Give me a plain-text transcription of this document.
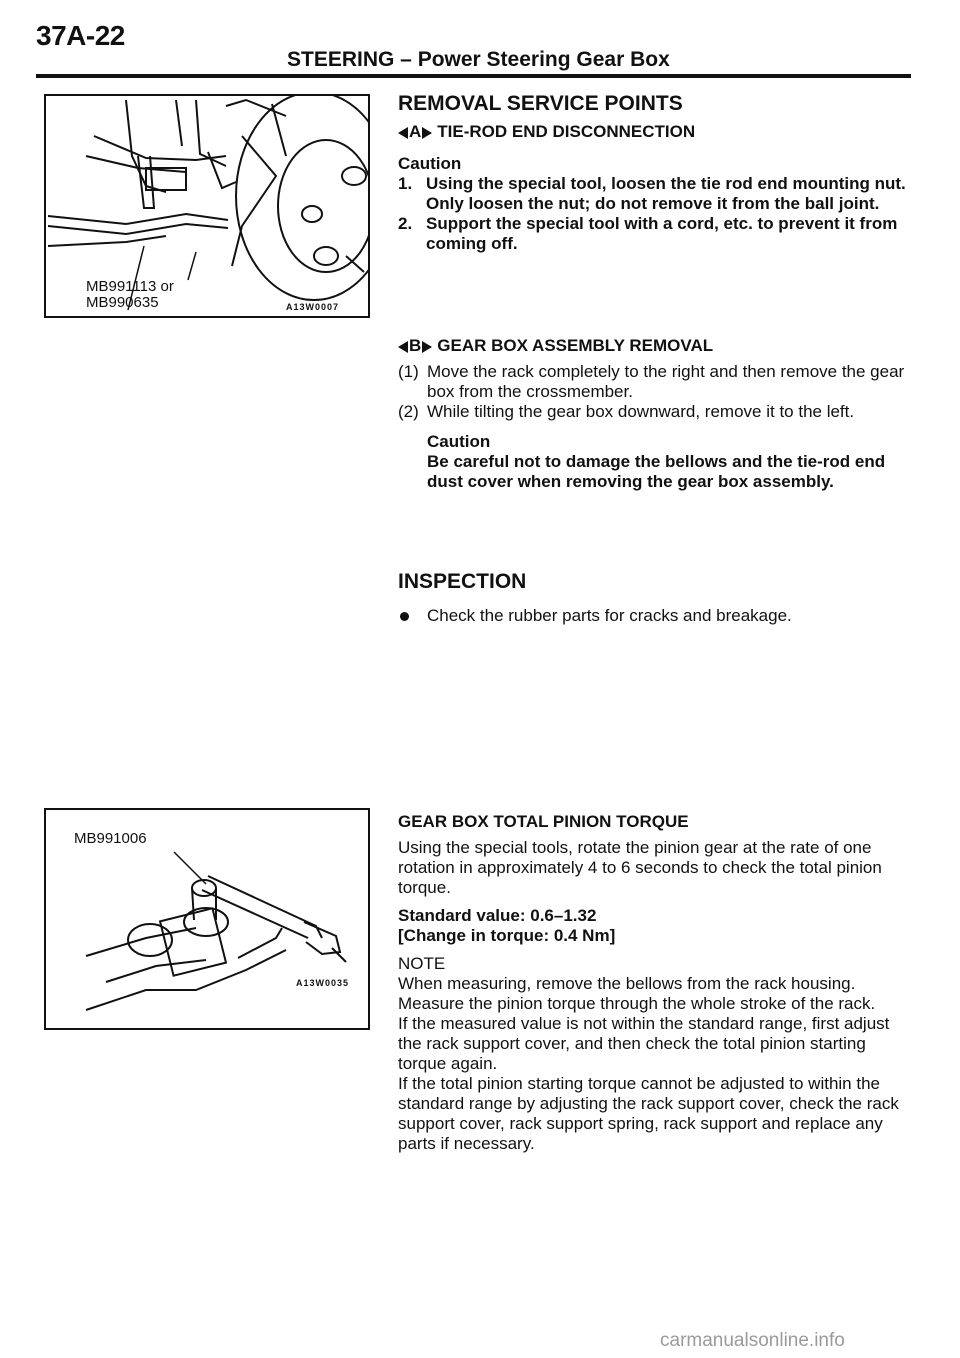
37A-22
STEERING – Power Steering Gear Box
MB991113 or
MB990635	A13W0007
MB991006
A13W0035
REMOVAL SERVICE POINTS
A TIE-ROD END DISCONNECTION
Caution
1. Using the special tool, loosen the tie rod end mounting nut. Only loosen the nut; do not remove it from the ball joint.
2. Support the special tool with a cord, etc. to prevent it from coming off.
B GEAR BOX ASSEMBLY REMOVAL
(1) Move the rack completely to the right and then remove the gear box from the crossmember.
(2) While tilting the gear box downward, remove it to the left.
Caution
Be careful not to damage the bellows and the tie-rod end dust cover when removing the gear box assembly.
INSPECTION
Check the rubber parts for cracks and breakage.
GEAR BOX TOTAL PINION TORQUE
Using the special tools, rotate the pinion gear at the rate of one rotation in approximately 4 to 6 seconds to check the total pinion torque.
Standard value: 0.6–1.32
[Change in torque: 0.4 Nm]
NOTE
When measuring, remove the bellows from the rack housing.
Measure the pinion torque through the whole stroke of the rack.
If the measured value is not within the standard range, first adjust the rack support cover, and then check the total pinion starting torque again.
If the total pinion starting torque cannot be adjusted to within the standard range by adjusting the rack support cover, check the rack support cover, rack support spring, rack support and replace any parts if necessary.
carmanualsonline.info
